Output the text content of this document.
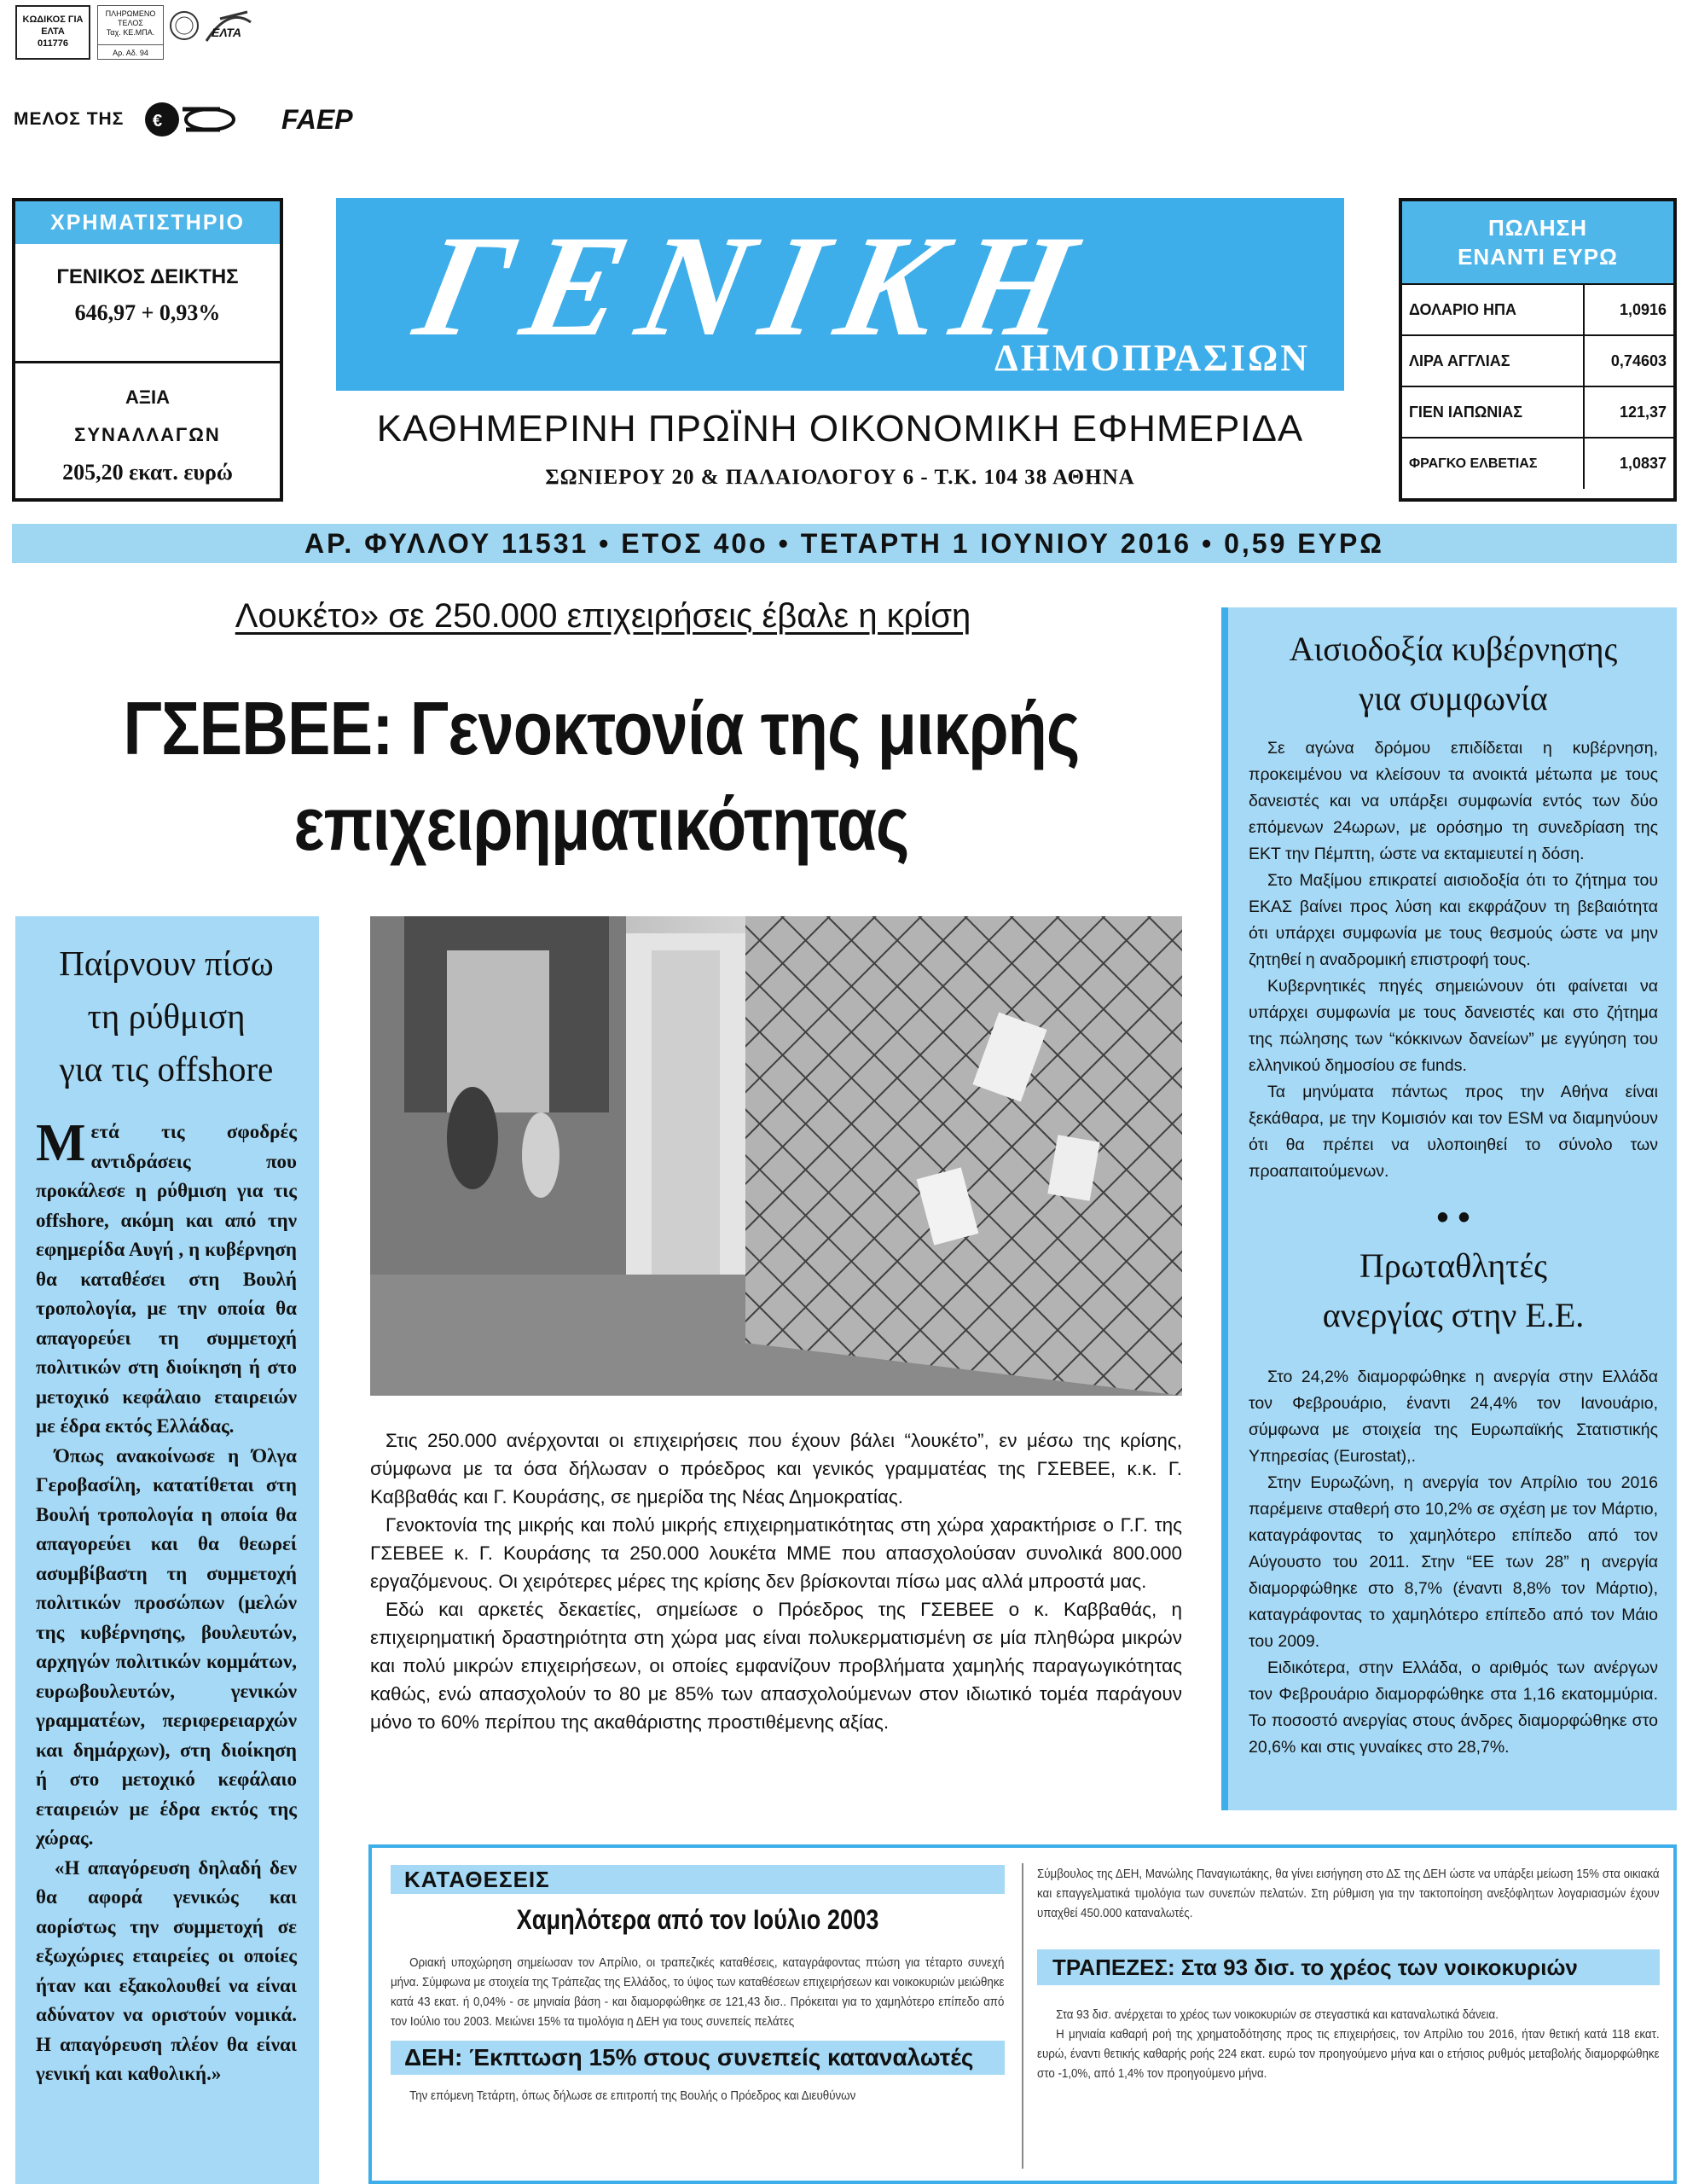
ΚΩΔΙΚΟΣ ΓΙΑ ΕΛΤΑ
011776
ΠΛΗΡΩΜΕΝΟ ΤΕΛΟΣ
Ταχ. ΚΕ.ΜΠΑ.
Αρ. Αδ. 94
ΕΛΤΑ
ΜΕΛΟΣ ΤΗΣ €	FAEP
ΧΡΗΜΑΤΙΣΤΗΡΙΟ
ΓΕΝΙΚΟΣ ΔΕΙΚΤΗΣ
646,97 + 0,93%
ΑΞΙΑ
ΣΥΝΑΛΛΑΓΩΝ
205,20 εκατ. ευρώ
ΓΕΝΙΚΗ
ΔΗΜΟΠΡΑΣΙΩΝ
ΚΑΘΗΜΕΡΙΝΗ ΠΡΩΪΝΗ ΟΙΚΟΝΟΜΙΚΗ ΕΦΗΜΕΡΙΔΑ
ΣΩΝΙΕΡΟΥ 20 & ΠΑΛΑΙΟΛΟΓΟΥ 6 - Τ.Κ. 104 38 ΑΘΗΝΑ
ΠΩΛΗΣΗ
ΕΝΑΝΤΙ ΕΥΡΩ
ΔΟΛΑΡΙΟ ΗΠΑ	1,0916
ΛΙΡΑ ΑΓΓΛΙΑΣ	0,74603
ΓΙΕΝ ΙΑΠΩΝΙΑΣ	121,37
ΦΡΑΓΚΟ ΕΛΒΕΤΙΑΣ	1,0837
ΑΡ. ΦΥΛΛΟΥ 11531 • ΕΤΟΣ 40ο • ΤΕΤΑΡΤΗ 1 ΙΟΥΝΙΟΥ 2016 • 0,59 ΕΥΡΩ
Λουκέτο» σε 250.000 επιχειρήσεις έβαλε η κρίση
ΓΣΕΒΕΕ: Γενοκτονία της μικρής
επιχειρηματικότητας

Στις 250.000 ανέρχονται οι επιχειρήσεις που έχουν βάλει “λουκέτο”, εν μέσω της κρίσης, σύμφωνα με τα όσα δήλωσαν ο πρόεδρος και γενικός γραμματέας της ΓΣΕΒΕΕ, κ.κ. Γ. Καββαθάς και Γ. Κουράσης, σε ημερίδα της Νέας Δημοκρατίας.

Γενοκτονία της μικρής και πολύ μικρής επιχειρηματικότητας στη χώρα χαρακτήρισε ο Γ.Γ. της ΓΣΕΒΕΕ κ. Γ. Κουράσης τα 250.000 λουκέτα ΜΜΕ που απασχολούσαν συνολικά 800.000 εργαζόμενους. Οι χειρότερες μέρες της κρίσης δεν βρίσκονται πίσω μας αλλά μπροστά μας.

Εδώ και αρκετές δεκαετίες, σημείωσε ο Πρόεδρος της ΓΣΕΒΕΕ ο κ. Καββαθάς, η επιχειρηματική δραστηριότητα στη χώρα μας είναι πολυκερματισμένη σε μία πληθώρα μικρών και πολύ μικρών επιχειρήσεων, οι οποίες εμφανίζουν προβλήματα χαμηλής παραγωγικότητας καθώς, ενώ απασχολούν το 80 με 85% των απασχολούμενων στον ιδιωτικό τομέα παράγουν μόνο το 60% περίπου της ακαθάριστης προστιθέμενης αξίας.

Παίρνουν πίσω
τη ρύθμιση
για τις offshore

Μετά τις σφοδρές αντιδράσεις που προκάλεσε η ρύθμιση για τις offshore, ακόμη και από την εφημερίδα Αυγή , η κυβέρνηση θα καταθέσει στη Βουλή τροπολογία, με την οποία θα απαγορεύει τη συμμετοχή πολιτικών στη διοίκηση ή στο μετοχικό κεφάλαιο εταιρειών με έδρα εκτός Ελλάδας.

Όπως ανακοίνωσε η Όλγα Γεροβασίλη, κατατίθεται στη Βουλή τροπολογία η οποία θα απαγορεύει και θα θεωρεί ασυμβίβαστη τη συμμετοχή πολιτικών προσώπων (μελών της κυβέρνησης, βουλευτών, αρχηγών πολιτικών κομμάτων, ευρωβουλευτών, γενικών γραμματέων, περιφερειαρχών και δημάρχων), στη διοίκηση ή στο μετοχικό κεφάλαιο εταιρειών με έδρα εκτός της χώρας.

«Η απαγόρευση δηλαδή δεν θα αφορά γενικώς και αορίστως την συμμετοχή σε εξωχώριες εταιρείες οι οποίες ήταν και εξακολουθεί να είναι αδύνατον να οριστούν νομικά. Η απαγόρευση πλέον θα είναι γενική και καθολική.»

Αισιοδοξία κυβέρνησης
για συμφωνία

Σε αγώνα δρόμου επιδίδεται η κυβέρνηση, προκειμένου να κλείσουν τα ανοικτά μέτωπα με τους δανειστές και να υπάρξει συμφωνία εντός των δύο επόμενων 24ωρων, με ορόσημο τη συνεδρίαση της ΕΚΤ την Πέμπτη, ώστε να εκταμιευτεί η δόση.

Στο Μαξίμου επικρατεί αισιοδοξία ότι το ζήτημα του ΕΚΑΣ βαίνει προς λύση και εκφράζουν τη βεβαιότητα ότι υπάρχει συμφωνία με τους θεσμούς ώστε να μην ζητηθεί η αναδρομική επιστροφή τους.

Κυβερνητικές πηγές σημειώνουν ότι φαίνεται να υπάρχει συμφωνία με τους δανειστές και στο ζήτημα της πώλησης των “κόκκινων δανείων” με εγγύηση του ελληνικού δημοσίου σε funds.

Τα μηνύματα πάντως προς την Αθήνα είναι ξεκάθαρα, με την Κομισιόν και τον ESM να διαμηνύουν ότι θα πρέπει να υλοποιηθεί το σύνολο των προαπαιτούμενων.

• •
Πρωταθλητές
ανεργίας στην Ε.Ε.

Στο 24,2% διαμορφώθηκε η ανεργία στην Ελλάδα τον Φεβρουάριο, έναντι 24,4% τον Ιανουάριο, σύμφωνα με στοιχεία της Ευρωπαϊκής Στατιστικής Υπηρεσίας (Eurostat),.

Στην Ευρωζώνη, η ανεργία τον Απρίλιο του 2016 παρέμεινε σταθερή στο 10,2% σε σχέση με τον Μάρτιο, καταγράφοντας το χαμηλότερο επίπεδο από τον Αύγουστο του 2011. Στην “ΕΕ των 28” η ανεργία διαμορφώθηκε στο 8,7% (έναντι 8,8% τον Μάρτιο), καταγράφοντας το χαμηλότερο επίπεδο από τον Μάιο του 2009.

Ειδικότερα, στην Ελλάδα, ο αριθμός των ανέργων τον Φεβρουάριο διαμορφώθηκε στα 1,16 εκατομμύρια. Το ποσοστό ανεργίας στους άνδρες διαμορφώθηκε στο 20,6% και στις γυναίκες στο 28,7%.

ΚΑΤΑΘΕΣΕΙΣ
Χαμηλότερα από τον Ιούλιο 2003
Οριακή υποχώρηση σημείωσαν τον Απρίλιο, οι τραπεζικές καταθέσεις, καταγράφοντας πτώση για τέταρτο συνεχή μήνα. Σύμφωνα με στοιχεία της Τράπεζας της Ελλάδος, το ύψος των καταθέσεων επιχειρήσεων και νοικοκυριών μειώθηκε κατά 43 εκατ. ή 0,04% - σε μηνιαία βάση - και διαμορφώθηκε σε 121,43 δισ.. Πρόκειται για το χαμηλότερο επίπεδο από τον Ιούλιο του 2003. Μειώνει 15% τα τιμολόγια η ΔΕΗ για τους συνεπείς πελάτες
ΔΕΗ: Έκπτωση 15% στους συνεπείς καταναλωτές
Την επόμενη Τετάρτη, όπως δήλωσε σε επιτροπή της Βουλής ο Πρόεδρος και Διευθύνων
Σύμβουλος της ΔΕΗ, Μανώλης Παναγιωτάκης, θα γίνει εισήγηση στο ΔΣ της ΔΕΗ ώστε να υπάρξει μείωση 15% στα οικιακά και επαγγελματικά τιμολόγια των συνεπών πελατών. Στη ρύθμιση για την τακτοποίηση ανεξόφλητων λογαριασμών έχουν υπαχθεί 450.000 καταναλωτές.
ΤΡΑΠΕΖΕΣ: Στα 93 δισ. το χρέος των νοικοκυριών

Στα 93 δισ. ανέρχεται το χρέος των νοικοκυριών σε στεγαστικά και καταναλωτικά δάνεια.

Η μηνιαία καθαρή ροή της χρηματοδότησης προς τις επιχειρήσεις, τον Απρίλιο του 2016, ήταν θετική κατά 118 εκατ. ευρώ, έναντι θετικής καθαρής ροής 224 εκατ. ευρώ τον προηγούμενο μήνα και ο ετήσιος ρυθμός μεταβολής διαμορφώθηκε στο -1,0%, από 1,4% τον προηγούμενο μήνα.
